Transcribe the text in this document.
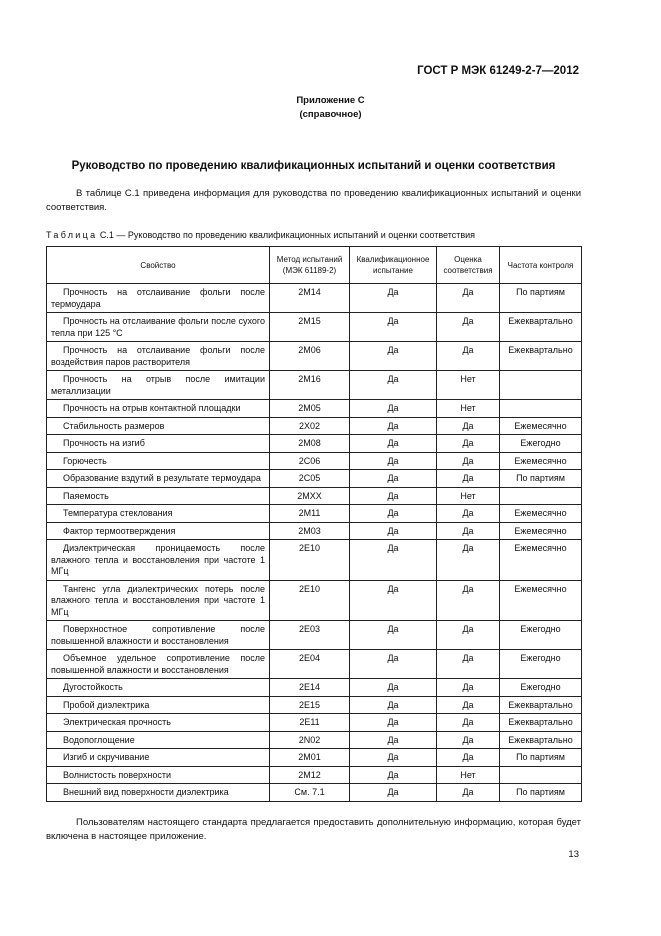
ГОСТ Р МЭК 61249-2-7—2012
Приложение С
(справочное)
Руководство по проведению квалификационных испытаний и оценки соответствия
В таблице С.1 приведена информация для руководства по проведению квалификационных испытаний и оценки соответствия.
Таблица С.1 — Руководство по проведению квалификационных испытаний и оценки соответствия
Свойство	Метод испытаний (МЭК 61189-2)	Квалификационное испытание	Оценка соответствия	Частота контроля

Прочность на отслаивание фольги после термоудара	2M14	Да	Да	По партиям

Прочность на отслаивание фольги после сухого тепла при 125 °С	2M15	Да	Да	Ежеквартально

Прочность на отслаивание фольги после воздействия паров растворителя	2M06	Да	Да	Ежеквартально

Прочность на отрыв после имитации металлизации	2M16	Да	Нет	

Прочность на отрыв контактной площадки	2M05	Да	Нет	

Стабильность размеров	2X02	Да	Да	Ежемесячно

Прочность на изгиб	2M08	Да	Да	Ежегодно

Горючесть	2C06	Да	Да	Ежемесячно

Образование вздутий в результате термоудара	2C05	Да	Да	По партиям

Паяемость	2MXX	Да	Нет	

Температура стеклования	2M11	Да	Да	Ежемесячно

Фактор термоотверждения	2M03	Да	Да	Ежемесячно

Диэлектрическая проницаемость после влажного тепла и восстановления при частоте 1 МГц	2E10	Да	Да	Ежемесячно

Тангенс угла диэлектрических потерь после влажного тепла и восстановления при частоте 1 МГц	2E10	Да	Да	Ежемесячно

Поверхностное сопротивление после повышенной влажности и восстановления	2E03	Да	Да	Ежегодно

Объемное удельное сопротивление после повышенной влажности и восстановления	2E04	Да	Да	Ежегодно

Дугостойкость	2E14	Да	Да	Ежегодно

Пробой диэлектрика	2E15	Да	Да	Ежеквартально

Электрическая прочность	2E11	Да	Да	Ежеквартально

Водопоглощение	2N02	Да	Да	Ежеквартально

Изгиб и скручивание	2M01	Да	Да	По партиям

Волнистость поверхности	2M12	Да	Нет	

Внешний вид поверхности диэлектрика	См. 7.1	Да	Да	По партиям
Пользователям настоящего стандарта предлагается предоставить дополнительную информацию, которая будет включена в настоящее приложение.
13
